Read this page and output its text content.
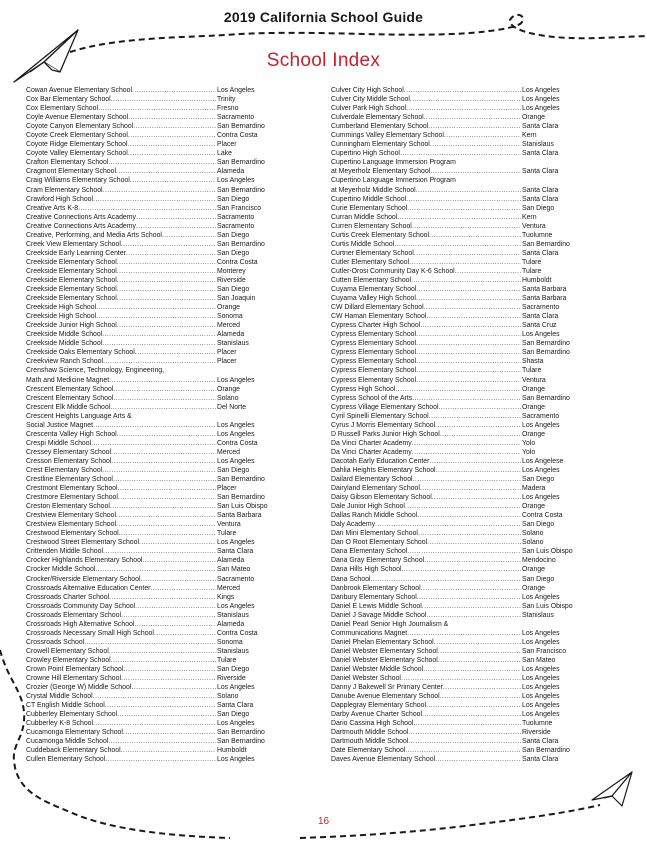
2019 California School Guide
School Index
Cowan Avenue Elementary School .....	Los Angeles
Cox Bar Elementary School .....	Trinity
Cox Elementary School .....	Fresno
Coyle Avenue Elementary School .....	Sacramento
Coyote Canyon Elementary School .....	San Bernardino
Coyote Creek Elementary School .....	Contra Costa
Coyote Ridge Elementary School .....	Placer
Coyote Valley Elementary School .....	Lake
Crafton Elementary School .....	San Bernardino
Cragmont Elementary School .....	Alameda
Craig Williams Elementary School .....	Los Angeles
Cram Elementary School .....	San Bernardino
Crawford High School .....	San Diego
Creative Arts K-8 .....	San Francisco
Creative Connections Arts Academy .....	Sacramento
Creative Connections Arts Academy .....	Sacramento
Creative, Performing, and Media Arts School .....	San Diego
Creek View Elementary School .....	San Bernardino
Creekside Early Learning Center .....	San Diego
Creekside Elementary School .....	Contra Costa
Creekside Elementary School .....	Monterey
Creekside Elementary School .....	Riverside
Creekside Elementary School .....	San Diego
Creekside Elementary School .....	San Joaquin
Creekside High School .....	Orange
Creekside High School .....	Sonoma
Creekside Junior High School .....	Merced
Creekside Middle School .....	Alameda
Creekside Middle School .....	Stanislaus
Creekside Oaks Elementary School .....	Placer
Creekview Ranch School .....	Placer
Crenshaw Science, Technology, Engineering,
Math and Medicine Magnet .....	Los Angeles
Crescent Elementary School .....	Orange
Crescent Elementary School .....	Solano
Crescent Elk Middle School .....	Del Norte
Crescent Heights Language Arts &
Social Justice Magnet .....	Los Angeles
Crescenta Valley High School .....	Los Angeles
Crespi Middle School .....	Contra Costa
Cressey Elementary School .....	Merced
Cresson Elementary School .....	Los Angeles
Crest Elementary School .....	San Diego
Crestline Elementary School .....	San Bernardino
Crestmont Elementary School .....	Placer
Crestmore Elementary School .....	San Bernardino
Creston Elementary School .....	San Luis Obispo
Crestview Elementary School .....	Santa Barbara
Crestview Elementary School .....	Ventura
Crestwood Elementary School .....	Tulare
Crestwood Street Elementary School .....	Los Angeles
Crittenden Middle School .....	Santa Clara
Crocker Highlands Elementary School .....	Alameda
Crocker Middle School .....	San Mateo
Crocker/Riverside Elementary School .....	Sacramento
Crossroads Alternative Education Center .....	Merced
Crossroads Charter School .....	Kings
Crossroads Community Day School .....	Los Angeles
Crossroads Elementary School .....	Stanislaus
Crossroads High Alternative School .....	Alameda
Crossroads Necessary Small High School .....	Contra Costa
Crossroads School .....	Sonoma
Crowell Elementary School .....	Stanislaus
Crowley Elementary School .....	Tulare
Crown Point Elementary School .....	San Diego
Crowne Hill Elementary School .....	Riverside
Crozier (George W) Middle School .....	Los Angeles
Crystal Middle School .....	Solano
CT English Middle School .....	Santa Clara
Cubberley Elementary School .....	San Diego
Cubberley K-8 School .....	Los Angeles
Cucamonga Elementary School .....	San Bernardino
Cucamonga Middle School .....	San Bernardino
Cuddeback Elementary School .....	Humboldt
Cullen Elementary School .....	Los Angeles
Culver City High School .....	Los Angeles
Culver City Middle School .....	Los Angeles
Culver Park High School .....	Los Angeles
Culverdale Elementary School .....	Orange
Cumberland Elementary School .....	Santa Clara
Cummings Valley Elementary School .....	Kern
Cunningham Elementary School .....	Stanislaus
Cupertino High School .....	Santa Clara
Cupertino Language Immersion Program
at Meyerholz Elementary School .....	Santa Clara
Cupertino Language Immersion Program
at Meyerholz Middle School .....	Santa Clara
Cupertino Middle School .....	Santa Clara
Curie Elementary School .....	San Diego
Curran Middle School .....	Kern
Curren Elementary School .....	Ventura
Curtis Creek Elementary School .....	Tuolumne
Curtis Middle School .....	San Bernardino
Curtner Elementary School .....	Santa Clara
Cutler Elementary School .....	Tulare
Cutler-Orosi Community Day K-6 School .....	Tulare
Cutten Elementary School .....	Humboldt
Cuyama Elementary School .....	Santa Barbara
Cuyama Valley High School .....	Santa Barbara
CW Dillard Elementary School .....	Sacramento
CW Haman Elementary School .....	Santa Clara
Cypress Charter High School .....	Santa Cruz
Cypress Elementary School .....	Los Angeles
Cypress Elementary School .....	San Bernardino
Cypress Elementary School .....	San Bernardino
Cypress Elementary School .....	Shasta
Cypress Elementary School .....	Tulare
Cypress Elementary School .....	Ventura
Cypress High School .....	Orange
Cypress School of the Arts .....	San Bernardino
Cypress Village Elementary School .....	Orange
Cyril Spinelli Elementary School .....	Sacramento
Cyrus J Morris Elementary School .....	Los Angeles
D Russell Parks Junior High School .....	Orange
Da Vinci Charter Academy .....	Yolo
Da Vinci Charter Academy .....	Yolo
Dacotah Early Education Center .....	Los Angelese
Dahlia Heights Elementary School .....	Los Angeles
Dailard Elementary School .....	San Diego
Dairyland Elementary School .....	Madera
Daisy Gibson Elementary School .....	Los Angeles
Dale Junior High School .....	Orange
Dallas Ranch Middle School .....	Contra Costa
Daly Academy .....	San Diego
Dan Mini Elementary School .....	Solano
Dan O Root Elementary School .....	Solano
Dana Elementary School .....	San Luis Obispo
Dana Gray Elementary School .....	Mendocino
Dana Hills High School .....	Orange
Dana School .....	San Diego
Danbrook Elementary School .....	Orange
Danbury Elementary School .....	Los Angeles
Daniel E Lewis Middle School .....	San Luis Obispo
Daniel J Savage Middle School .....	Stanislaus
Daniel Pearl Senior High Journalism &
Communications Magnet .....	Los Angeles
Daniel Phelan Elementary School .....	Los Angeles
Daniel Webster Elementary School .....	San Francisco
Daniel Webster Elementary School .....	San Mateo
Daniel Webster Middle School .....	Los Angeles
Daniel Webster School .....	Los Angeles
Danny J Bakewell Sr Primary Center .....	Los Angeles
Danube Avenue Elementary School .....	Los Angeles
Dapplegray Elementary School .....	Los Angeles
Darby Avenue Charter School .....	Los Angeles
Dario Cassina High School .....	Tuolumne
Dartmouth Middle School .....	Riverside
Dartmouth Middle School .....	Santa Clara
Date Elementary School .....	San Bernardino
Daves Avenue Elementary School .....	Santa Clara
16
